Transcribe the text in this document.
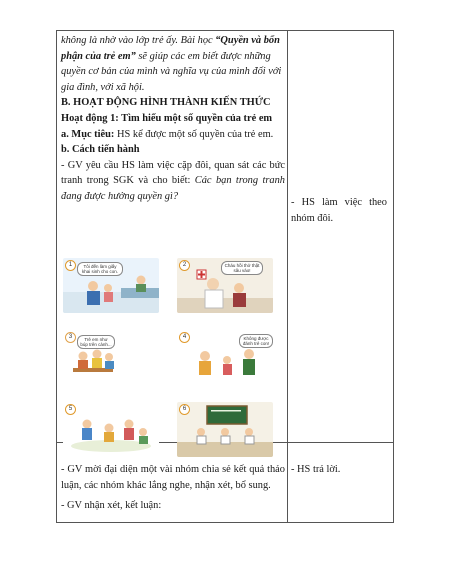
không là nhờ vào lớp trẻ ấy. Bài học “Quyền và bổn
phận của trẻ em” sẽ giúp các em biết được những
quyền cơ bản của mình và nghĩa vụ của mình đối với
gia đình, với xã hội.

B. HOẠT ĐỘNG HÌNH THÀNH KIẾN THỨC

Hoạt động 1: Tìm hiểu một số quyền của trẻ em

a. Mục tiêu: HS kể được một số quyền của trẻ em.

b. Cách tiến hành

- GV yêu cầu HS làm việc cặp đôi, quan sát các bức tranh trong SGK và cho biết: Các bạn trong tranh đang được hưởng quyền gì?

1	Tôi đến làm giấy khai sinh cho con.
2	Cháu hồi thở thật sâu vào!
3	Trẻ em như búp trên cành...
4	Không được đánh trẻ con!
5	6

- HS làm việc theo nhóm đôi.

- GV mời đại diện một vài nhóm chia sẻ kết quả thảo luận, các nhóm khác lắng nghe, nhận xét, bổ sung.

- GV nhận xét, kết luận:

- HS trả lời.
